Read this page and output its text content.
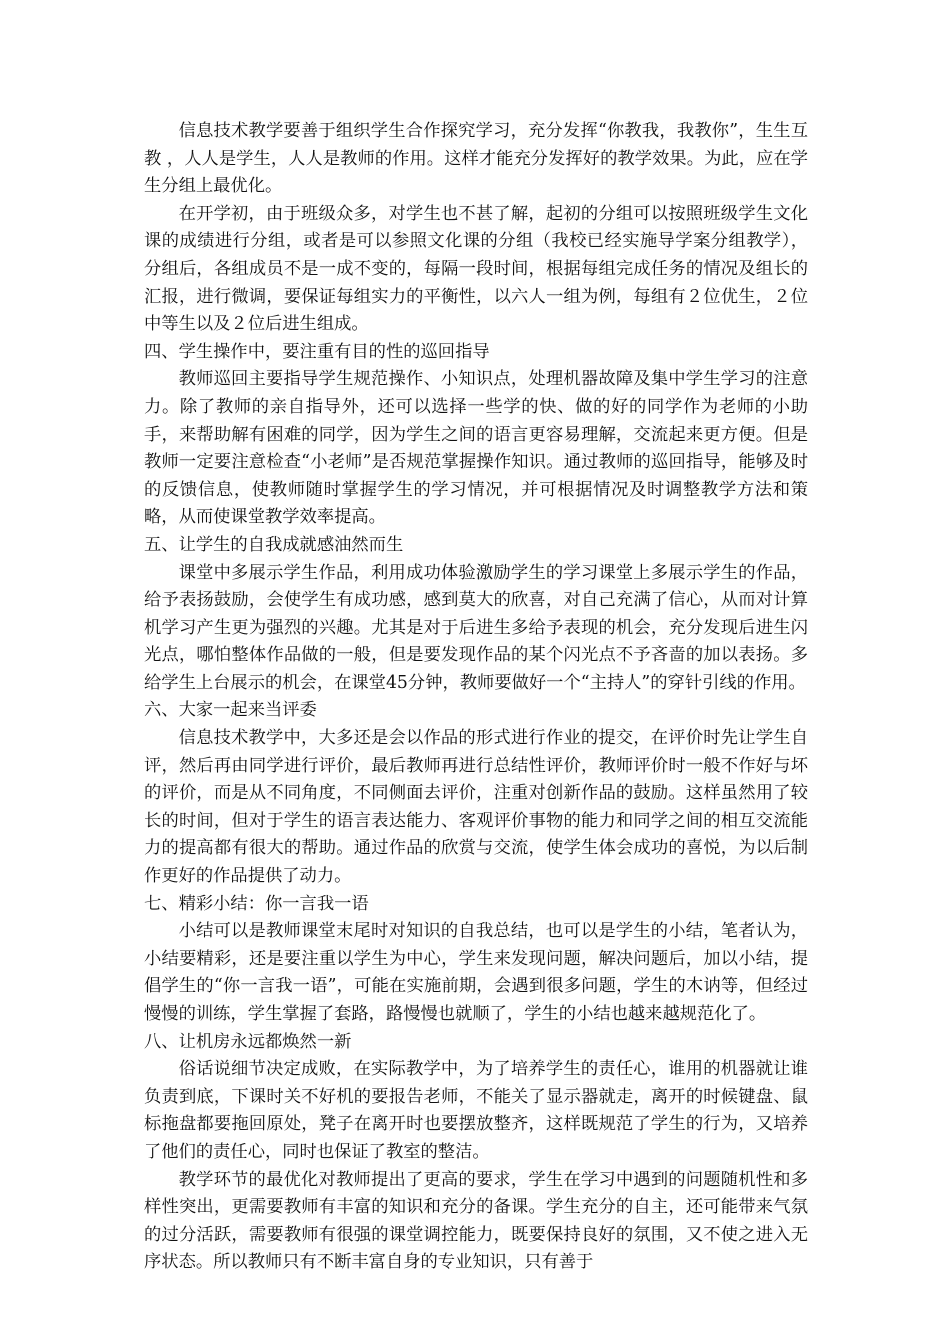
信息技术教学要善于组织学生合作探究学习，充分发挥“你教我，我教你”，生生互教 ，人人是学生，人人是教师的作用。这样才能充分发挥好的教学效果。为此，应在学生分组上最优化。

在开学初，由于班级众多，对学生也不甚了解，起初的分组可以按照班级学生文化课的成绩进行分组，或者是可以参照文化课的分组（我校已经实施导学案分组教学），分组后，各组成员不是一成不变的，每隔一段时间，根据每组完成任务的情况及组长的汇报，进行微调，要保证每组实力的平衡性，以六人一组为例，每组有２位优生，２位中等生以及２位后进生组成。

四、学生操作中，要注重有目的性的巡回指导

教师巡回主要指导学生规范操作、小知识点，处理机器故障及集中学生学习的注意力。除了教师的亲自指导外，还可以选择一些学的快、做的好的同学作为老师的小助手，来帮助解有困难的同学，因为学生之间的语言更容易理解，交流起来更方便。但是教师一定要注意检查“小老师”是否规范掌握操作知识。通过教师的巡回指导，能够及时的反馈信息，使教师随时掌握学生的学习情况，并可根据情况及时调整教学方法和策略，从而使课堂教学效率提高。

五、让学生的自我成就感油然而生

课堂中多展示学生作品，利用成功体验激励学生的学习课堂上多展示学生的作品，给予表扬鼓励，会使学生有成功感，感到莫大的欣喜，对自己充满了信心，从而对计算机学习产生更为强烈的兴趣。尤其是对于后进生多给予表现的机会，充分发现后进生闪光点，哪怕整体作品做的一般，但是要发现作品的某个闪光点不予吝啬的加以表扬。多给学生上台展示的机会，在课堂45分钟，教师要做好一个“主持人”的穿针引线的作用。

六、大家一起来当评委

信息技术教学中，大多还是会以作品的形式进行作业的提交，在评价时先让学生自评，然后再由同学进行评价，最后教师再进行总结性评价，教师评价时一般不作好与坏的评价，而是从不同角度，不同侧面去评价，注重对创新作品的鼓励。这样虽然用了较长的时间，但对于学生的语言表达能力、客观评价事物的能力和同学之间的相互交流能力的提高都有很大的帮助。通过作品的欣赏与交流，使学生体会成功的喜悦，为以后制作更好的作品提供了动力。

七、精彩小结：你一言我一语

小结可以是教师课堂末尾时对知识的自我总结，也可以是学生的小结，笔者认为，小结要精彩，还是要注重以学生为中心，学生来发现问题，解决问题后，加以小结，提倡学生的“你一言我一语”，可能在实施前期，会遇到很多问题，学生的木讷等，但经过慢慢的训练，学生掌握了套路，路慢慢也就顺了，学生的小结也越来越规范化了。

八、让机房永远都焕然一新

俗话说细节决定成败，在实际教学中，为了培养学生的责任心，谁用的机器就让谁负责到底，下课时关不好机的要报告老师，不能关了显示器就走，离开的时候键盘、鼠标拖盘都要拖回原处，凳子在离开时也要摆放整齐，这样既规范了学生的行为，又培养了他们的责任心，同时也保证了教室的整洁。

教学环节的最优化对教师提出了更高的要求，学生在学习中遇到的问题随机性和多样性突出，更需要教师有丰富的知识和充分的备课。学生充分的自主，还可能带来气氛的过分活跃，需要教师有很强的课堂调控能力，既要保持良好的氛围，又不使之进入无序状态。所以教师只有不断丰富自身的专业知识，只有善于
